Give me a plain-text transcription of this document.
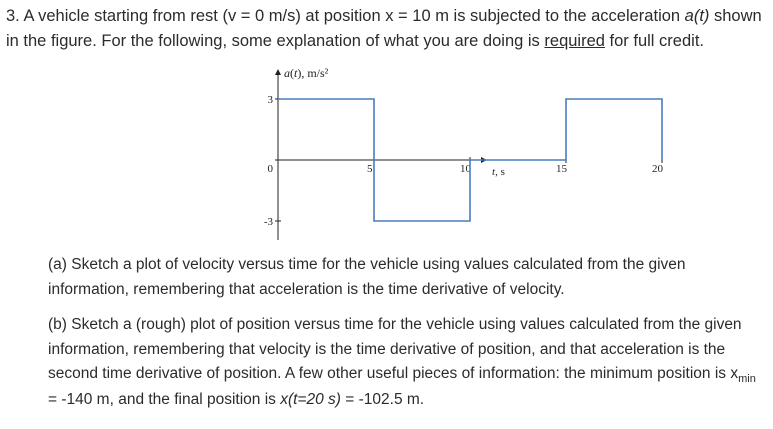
3. A vehicle starting from rest (v = 0 m/s) at position x = 10 m is subjected to the acceleration a(t) shown in the figure. For the following, some explanation of what you are doing is required for full credit.

a(t), m/s²
t, s
5	10	15	20
3
0
-3

(a) Sketch a plot of velocity versus time for the vehicle using values calculated from the given information, remembering that acceleration is the time derivative of velocity.

(b) Sketch a (rough) plot of position versus time for the vehicle using values calculated from the given information, remembering that velocity is the time derivative of position, and that acceleration is the second time derivative of position. A few other useful pieces of information: the minimum position is $x_{min} = -140$ m, and the final position is x(t=20 s) = -102.5 m.
